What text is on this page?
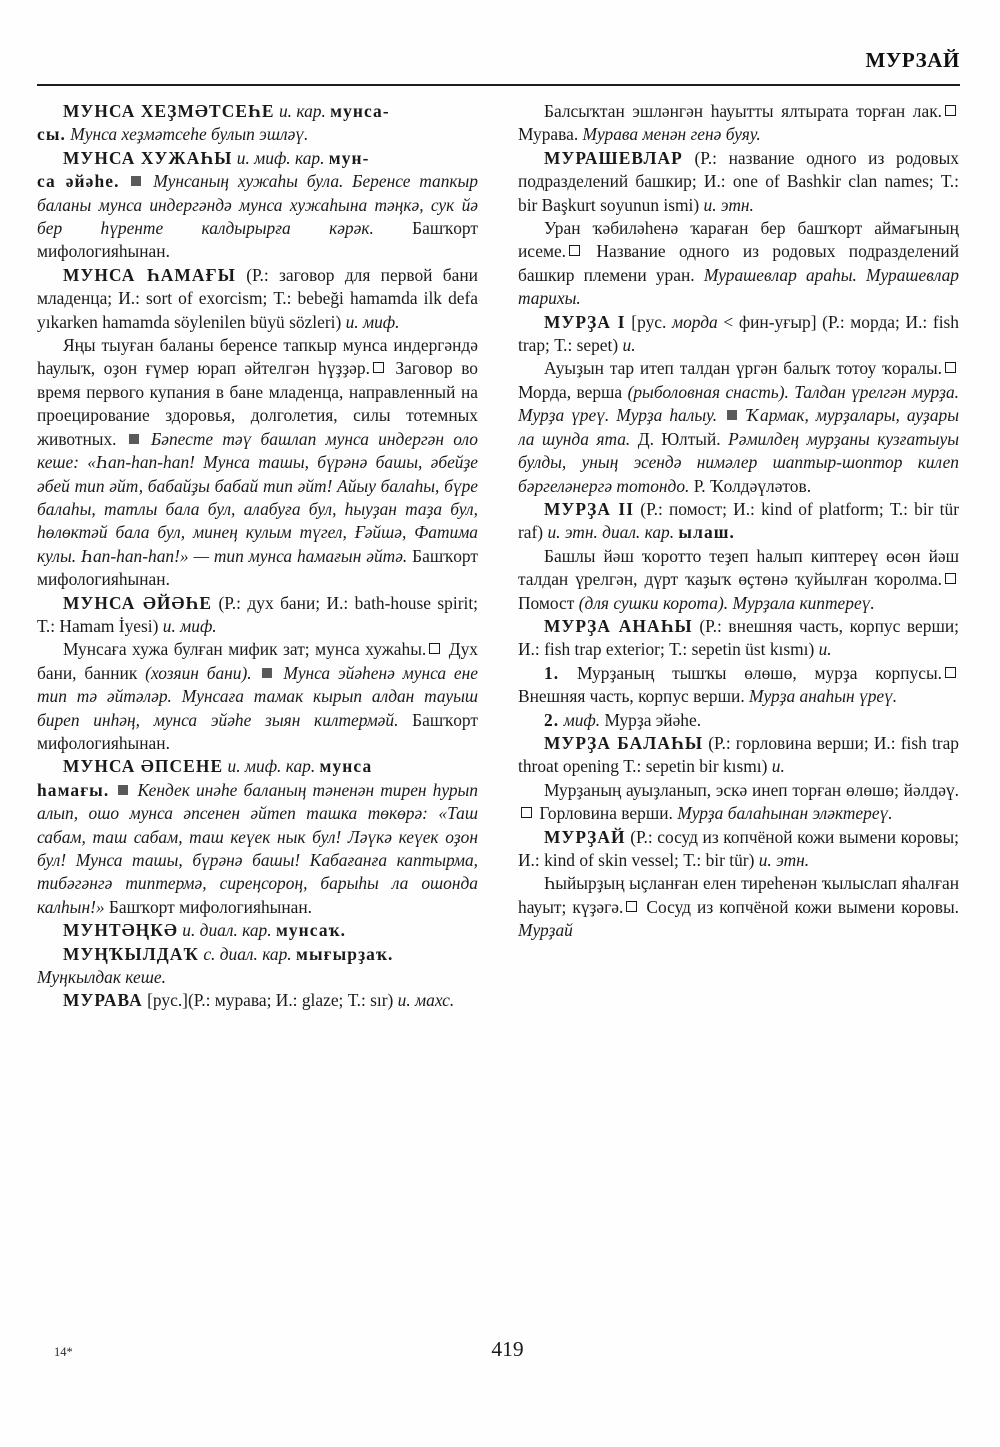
МУРЗАЙ

МУНСА ХЕҘМӘТСЕҺЕ и. кар. мунса-

сы. Мунса хеҙмәтсеһе булып эшләү.

МУНСА ХУЖАҺЫ и. миф. кар. мун-

са әйәһе.  Мунсаның хужаһы була. Беренсе тапкыр баланы мунса индергәндә мунса хужаһына тәңкә, сук йә бер һүренте калдырырға кәрәк. Башҡорт мифологияһынан.

МУНСА ҺАМАҒЫ (Р.: заговор для первой бани младенца; И.: sort of exorcism; Т.: bebeği hamamda ilk defa yıkarken hamamda söylenilen büyü sözleri) и. миф.

Яңы тыуған баланы беренсе тапкыр мунса индергәндә һаулыҡ, оҙон ғүмер юрап әйтелгән һүҙҙәр. Заговор во время первого купания в бане младенца, направленный на проецирование здоровья, долголетия, силы тотемных животных.  Бәпесте тәү башлап мунса индергән оло кеше: «Һап-han-han! Мунса ташы, бүрәнә башы, әбейҙе әбей тип әйт, бабайҙы бабай тип әйт! Айыу балаһы, бүре балаһы, татлы бала бул, алабуға бул, һыуҙан таҙа бул, һөлөктәй бала бул, минең кулым түгел, Ғәйшә, Фатима кулы. Һап-han-han!» — тип мунса һамағын әйтә. Башҡорт мифологияһынан.

МУНСА ӘЙӘҺЕ (Р.: дух бани; И.: bath-house spirit; Т.: Hamam İyesi) и. миф.

Мунсаға хужа булған мифик зат; мунса хужаһы. Дух бани, банник (хозяин бани).  Мунса эйәһенә мунса ене тип тә әйтәләр. Мунсаға тамак кырып алдан тауыш биреп инһәң, мунса эйәһе зыян килтермәй. Башҡорт мифологияһынан.

МУНСА ӘПСЕНЕ и. миф. кар. мунса

һамағы.  Кендек инәһе баланың тәненән тирен һурып алып, ошо мунса әпсенен әйтеп ташка төкөрә: «Таш сабам, таш сабам, таш кеүек нык бул! Ләүкә кеүек оҙон бул! Мунса ташы, бүрәнә башы! Кабағанға каптырма, тибәгәнгә типтермә, сиреңсороң, барыһы ла ошонда калһын!» Башҡорт мифологияһынан.

МУНТӘҢКӘ и. диал. кар. мунсаҡ.

МУҢҠЫЛДАҠ с. диал. кар. мығырҙаҡ.

Муңкылдак кеше.

МУРАВА [рус.](Р.: мурава; И.: glaze; Т.: sır) и. махс.

Балсыҡтан эшләнгән һауытты ялтырата торған лак. Мурава. Мурава менән генә буяу.

МУРАШЕВЛАР (Р.: название одного из родовых подразделений башкир; И.: one of Bashkir clan names; Т.: bir Başkurt soyunun ismi) и. этн.

Уран ҡәбиләһенә ҡараған бер башҡорт аймағының исеме. Название одного из родовых подразделений башкир племени уран. Мурашевлар араһы. Мурашевлар тарихы.

МУРҘА I [рус. морда < фин-уғыр] (Р.: морда; И.: fish trap; Т.: sepet) и.

Ауыҙын тар итеп талдан үргән балыҡ тотоу ҡоралы. Морда, верша (рыболовная снасть). Талдан үрелгән мурҙа. Мурҙа үреү. Мурҙа һалыу.  Ҡармак, мурҙалары, ауҙары ла шунда ята. Д. Юлтый. Рәмилдең мурҙаны кузғатыуы булды, уның эсендә нимәлер шаптыр-шоптор килеп бәргеләнергә тотондо. Р. Ҡолдәүләтов.

МУРҘА II (Р.: помост; И.: kind of platform; Т.: bir tür raf) и. этн. диал. кар. ылаш.

Башлы йәш ҡоротто теҙеп һалып киптереү өсөн йәш талдан үрелгән, дүрт ҡаҙыҡ өҫтөнә ҡуйылған ҡоролма. Помост (для сушки корота). Мурҙала киптереү.

МУРҘА АНАҺЫ (Р.: внешняя часть, корпус верши; И.: fish trap exterior; Т.: sepetin üst kısmı) и.

1. Мурҙаның тышҡы өлөшө, мурҙа корпусы. Внешняя часть, корпус верши. Мурҙа анаһын үреү.

2. миф. Мурҙа эйәһе.

МУРҘА БАЛАҺЫ (Р.: горловина верши; И.: fish trap throat opening Т.: sepetin bir kısmı) и.

Мурҙаның ауыҙланып, эскә инеп торған өлөшө; йәлдәү. Горловина верши. Мурҙа балаһынан эләктереү.

МУРҘАЙ (Р.: сосуд из копчёной кожи вымени коровы; И.: kind of skin vessel; Т.: bir tür) и. этн.

Һыйырҙың ыҫланған елен тиреһенән ҡылыслап яһалған һауыт; күҙәгә. Сосуд из копчёной кожи вымени коровы. Мурҙай

14*	419
